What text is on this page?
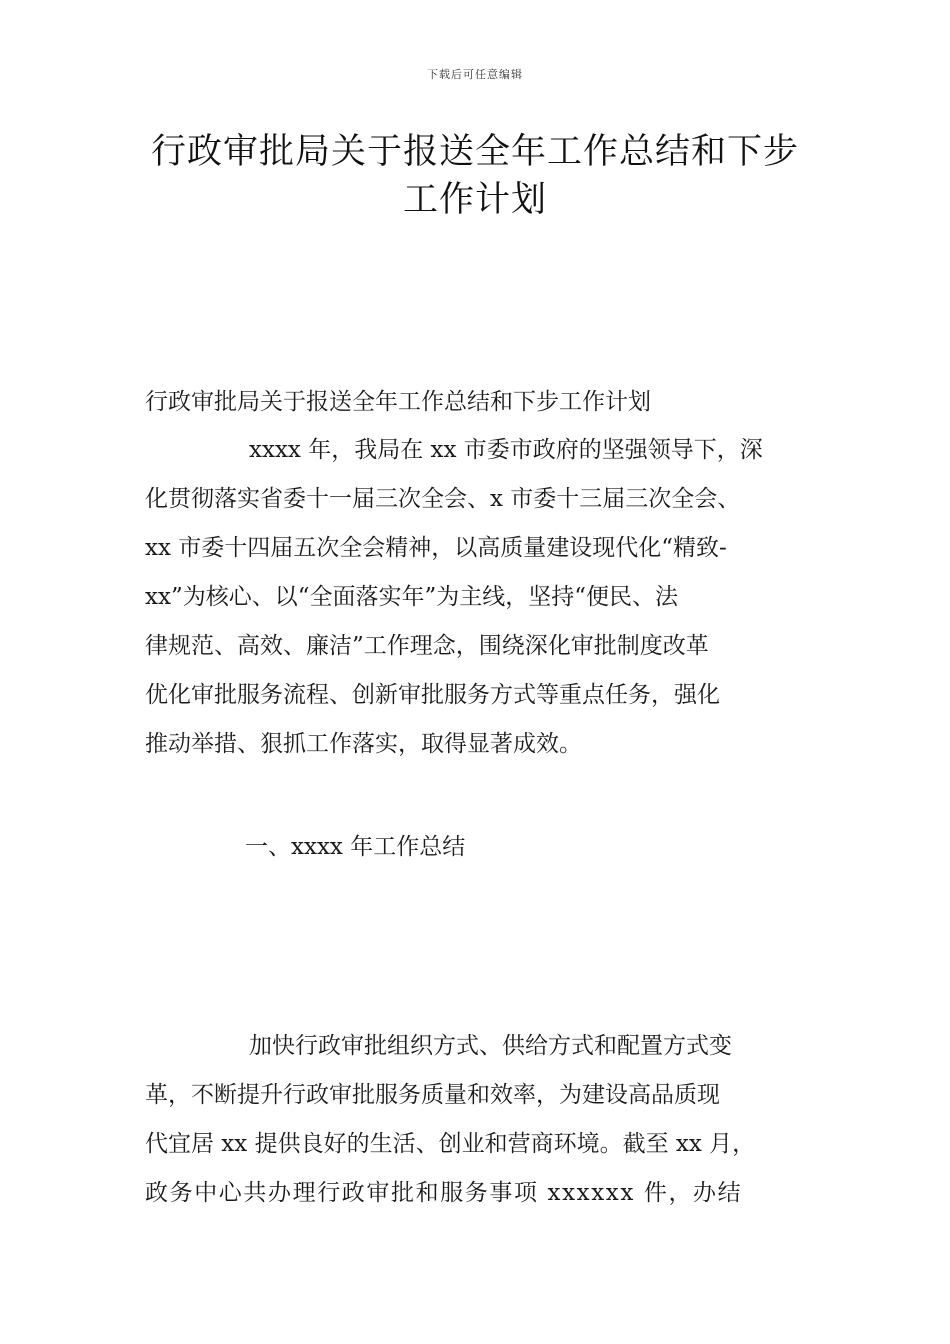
下载后可任意编辑
行政审批局关于报送全年工作总结和下步
工作计划

行政审批局关于报送全年工作总结和下步工作计划

xxxx 年，我局在 xx 市委市政府的坚强领导下，深
化贯彻落实省委十一届三次全会、x 市委十三届三次全会、
xx 市委十四届五次全会精神，以高质量建设现代化“精致-
xx”为核心、以“全面落实年”为主线，坚持“便民、法
律规范、高效、廉洁”工作理念，围绕深化审批制度改革
优化审批服务流程、创新审批服务方式等重点任务，强化
推动举措、狠抓工作落实，取得显著成效。

一、xxxx 年工作总结

加快行政审批组织方式、供给方式和配置方式变
革，不断提升行政审批服务质量和效率，为建设高品质现
代宜居 xx 提供良好的生活、创业和营商环境。截至 xx 月，
政务中心共办理行政审批和服务事项 xxxxxx 件，办结
